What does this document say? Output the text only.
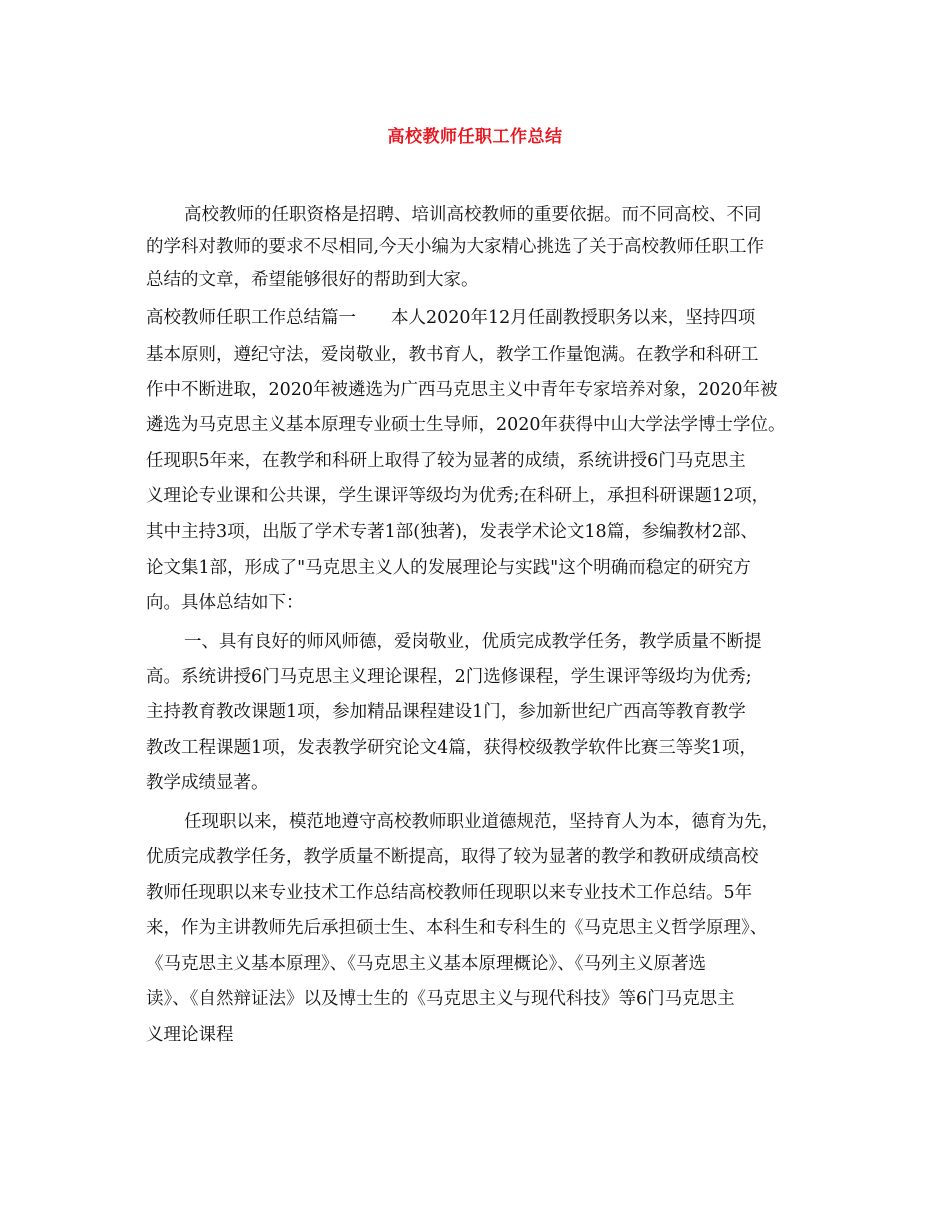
高校教师任职工作总结
高校教师的任职资格是招聘、培训高校教师的重要依据。而不同高校、不同
的学科对教师的要求不尽相同,今天小编为大家精心挑选了关于高校教师任职工作
总结的文章，希望能够很好的帮助到大家。
高校教师任职工作总结篇一　　本人2020年12月任副教授职务以来，坚持四项
基本原则，遵纪守法，爱岗敬业，教书育人，教学工作量饱满。在教学和科研工
作中不断进取，2020年被遴选为广西马克思主义中青年专家培养对象，2020年被
遴选为马克思主义基本原理专业硕士生导师，2020年获得中山大学法学博士学位。
任现职5年来，在教学和科研上取得了较为显著的成绩，系统讲授6门马克思主
义理论专业课和公共课，学生课评等级均为优秀;在科研上，承担科研课题12项，
其中主持3项，出版了学术专著1部(独著)，发表学术论文18篇，参编教材2部、
论文集1部，形成了"马克思主义人的发展理论与实践"这个明确而稳定的研究方
向。具体总结如下：
一、具有良好的师风师德，爱岗敬业，优质完成教学任务，教学质量不断提
高。系统讲授6门马克思主义理论课程，2门选修课程，学生课评等级均为优秀;
主持教育教改课题1项，参加精品课程建设1门，参加新世纪广西高等教育教学
教改工程课题1项，发表教学研究论文4篇，获得校级教学软件比赛三等奖1项，
教学成绩显著。
任现职以来，模范地遵守高校教师职业道德规范，坚持育人为本，德育为先，
优质完成教学任务，教学质量不断提高，取得了较为显著的教学和教研成绩高校
教师任现职以来专业技术工作总结高校教师任现职以来专业技术工作总结。5年
来，作为主讲教师先后承担硕士生、本科生和专科生的《马克思主义哲学原理》、
《马克思主义基本原理》、《马克思主义基本原理概论》、《马列主义原著选
读》、《自然辩证法》以及博士生的《马克思主义与现代科技》等6门马克思主
义理论课程
